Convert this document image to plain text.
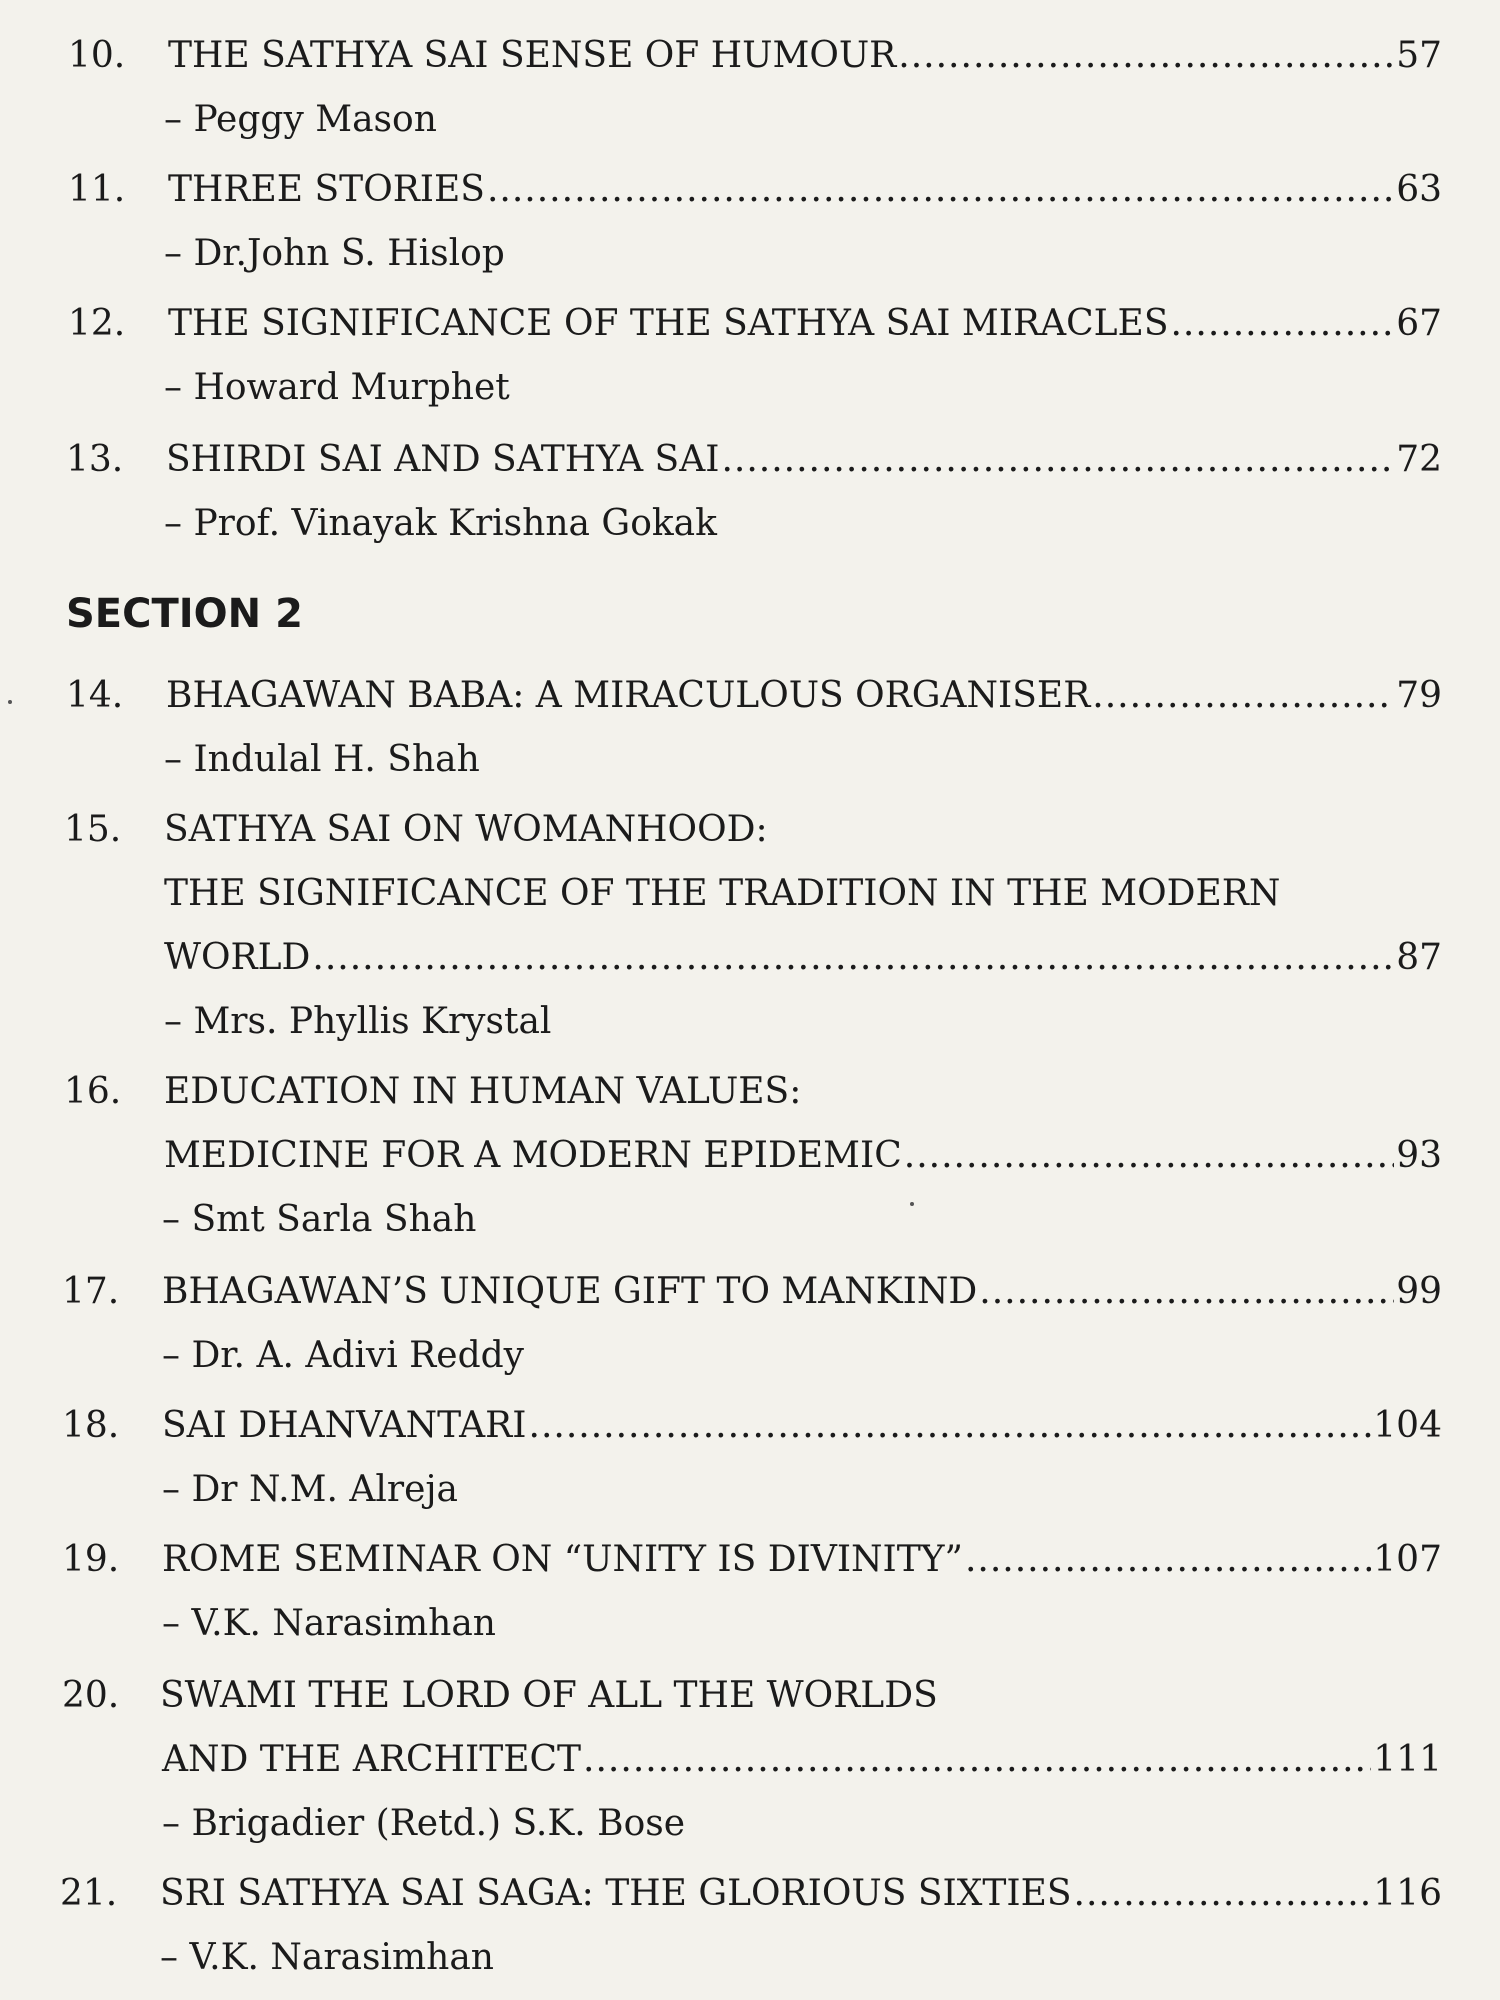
10. THE SATHYA SAI SENSE OF HUMOUR .....	57
– Peggy Mason
11. THREE STORIES .....	63
– Dr.John S. Hislop
12. THE SIGNIFICANCE OF THE SATHYA SAI MIRACLES .....	67
– Howard Murphet
13. SHIRDI SAI AND SATHYA SAI .....	72
– Prof. Vinayak Krishna Gokak
SECTION 2
14. BHAGAWAN BABA: A MIRACULOUS ORGANISER .....	79
– Indulal H. Shah
15. SATHYA SAI ON WOMANHOOD:
THE SIGNIFICANCE OF THE TRADITION IN THE MODERN
WORLD .....	87
– Mrs. Phyllis Krystal
16. EDUCATION IN HUMAN VALUES:
MEDICINE FOR A MODERN EPIDEMIC .....	93
– Smt Sarla Shah
17. BHAGAWAN’S UNIQUE GIFT TO MANKIND .....	99
– Dr. A. Adivi Reddy
18. SAI DHANVANTARI .....	104
– Dr N.M. Alreja
19. ROME SEMINAR ON “UNITY IS DIVINITY” .....	107
– V.K. Narasimhan
20. SWAMI THE LORD OF ALL THE WORLDS
AND THE ARCHITECT .....	111
– Brigadier (Retd.) S.K. Bose
21. SRI SATHYA SAI SAGA: THE GLORIOUS SIXTIES .....	116
– V.K. Narasimhan
